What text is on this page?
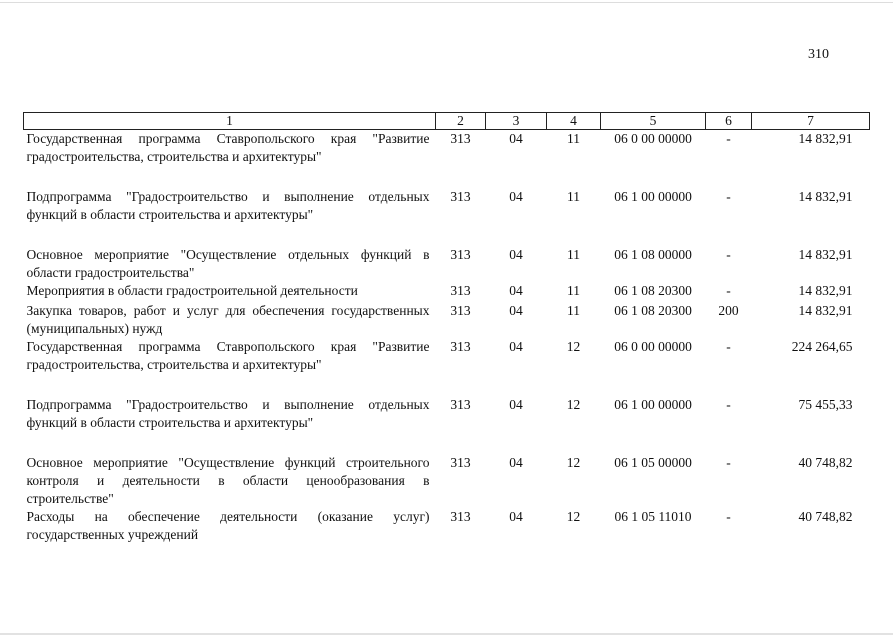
310
1	2	3	4	5	6	7
Государственная программа Ставропольского края "Развитие градостроительства, строительства и архитектуры"	313	04	11	06 0 00 00000	-	14 832,91
Подпрограмма "Градостроительство и выполнение отдельных функций в области строительства и архитектуры"	313	04	11	06 1 00 00000	-	14 832,91
Основное мероприятие "Осуществление отдельных функций в области градостроительства"	313	04	11	06 1 08 00000	-	14 832,91
Мероприятия в области градостроительной деятельности	313	04	11	06 1 08 20300	-	14 832,91
Закупка товаров, работ и услуг для обеспечения государственных (муниципальных) нужд	313	04	11	06 1 08 20300	200	14 832,91
Государственная программа Ставропольского края "Развитие градостроительства, строительства и архитектуры"	313	04	12	06 0 00 00000	-	224 264,65
Подпрограмма "Градостроительство и выполнение отдельных функций в области строительства и архитектуры"	313	04	12	06 1 00 00000	-	75 455,33
Основное мероприятие "Осуществление функций строительного контроля и деятельности в области ценообразования в строительстве"	313	04	12	06 1 05 00000	-	40 748,82
Расходы на обеспечение деятельности (оказание услуг) государственных учреждений	313	04	12	06 1 05 11010	-	40 748,82
